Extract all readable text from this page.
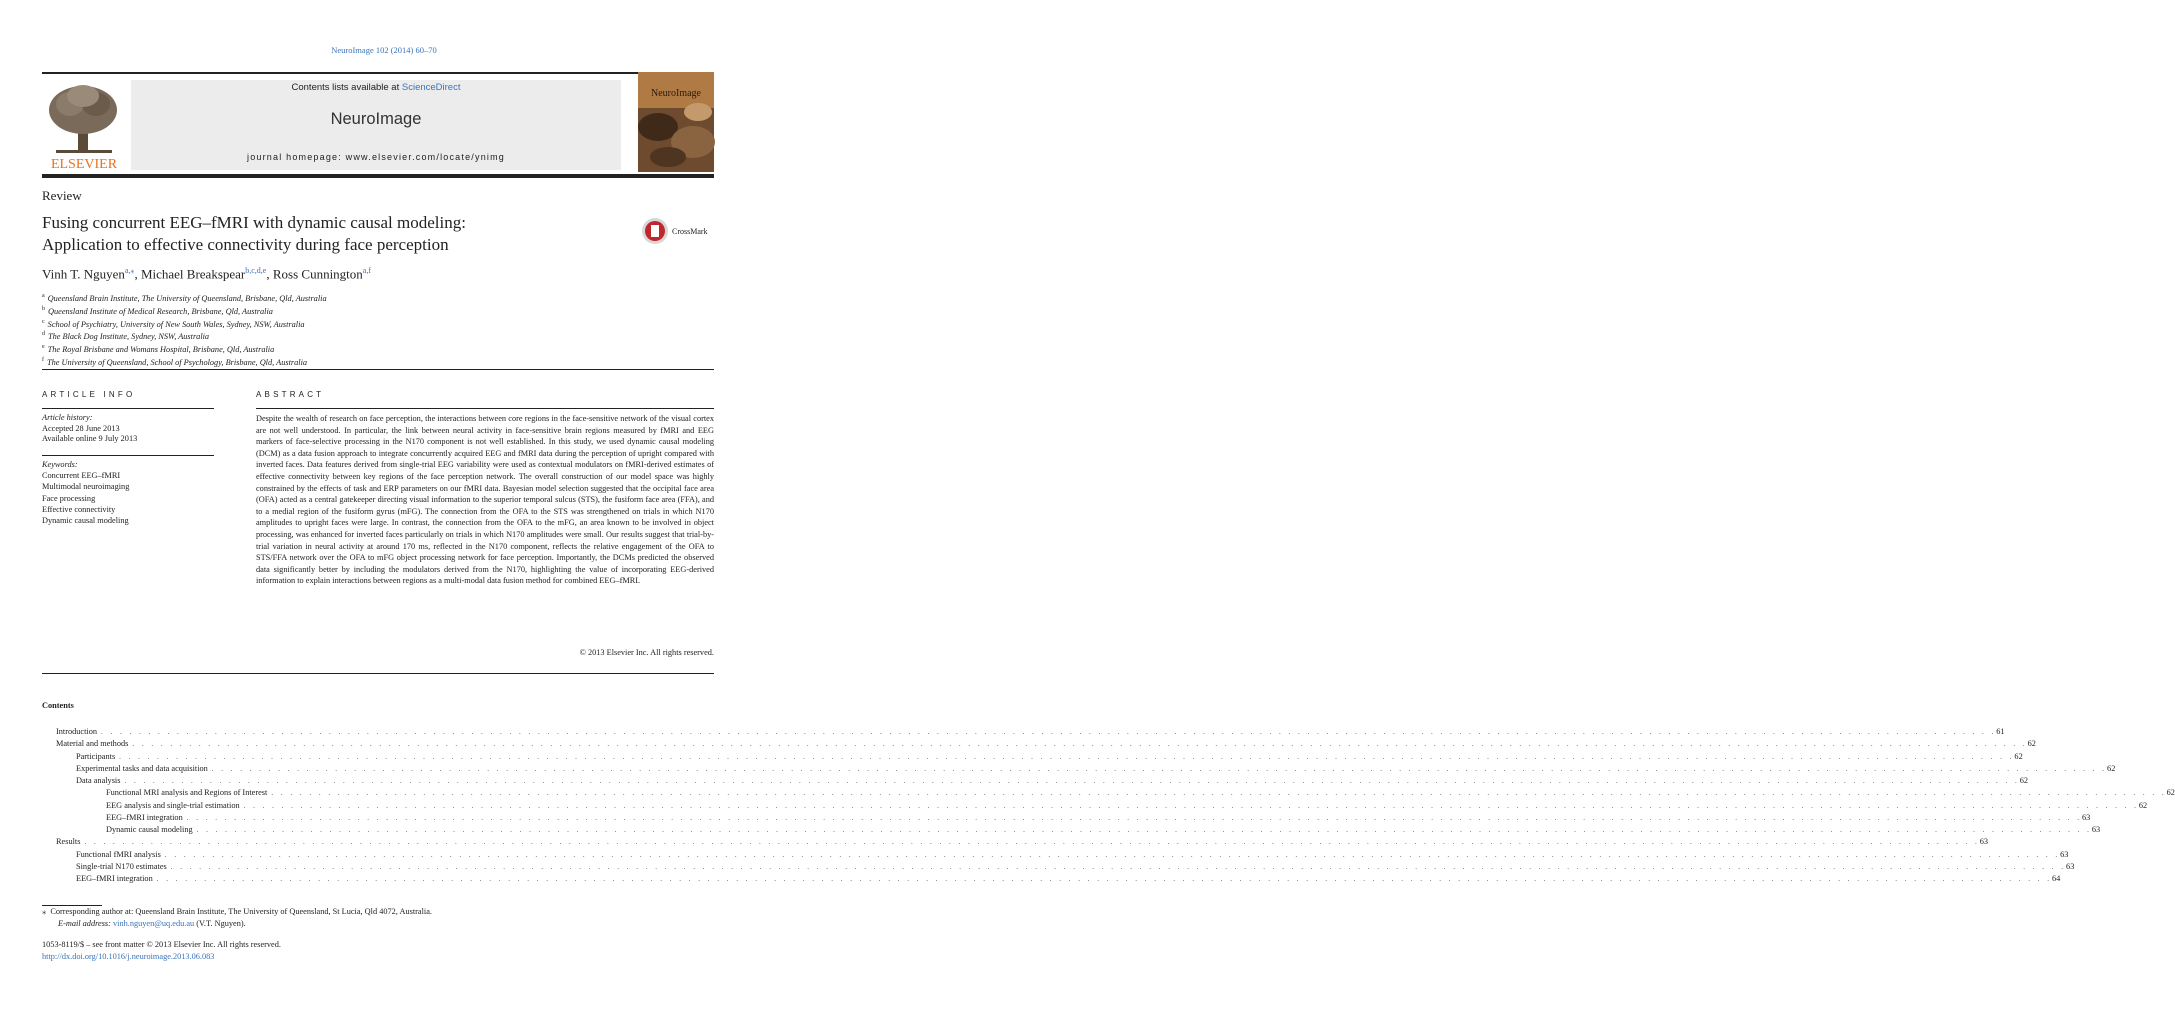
NeuroImage 102 (2014) 60–70
ELSEVIER
Contents lists available at ScienceDirect
NeuroImage
journal homepage: www.elsevier.com/locate/ynimg
NeuroImage
Review
Fusing concurrent EEG–fMRI with dynamic causal modeling:
Application to effective connectivity during face perception
CrossMark
Vinh T. Nguyen$^{a,⁎}$, Michael Breakspear$^{b,c,d,e}$, Ross Cunnington$^{a,f}$
$^a$ Queensland Brain Institute, The University of Queensland, Brisbane, Qld, Australia
$^b$ Queensland Institute of Medical Research, Brisbane, Qld, Australia
$^c$ School of Psychiatry, University of New South Wales, Sydney, NSW, Australia
$^d$ The Black Dog Institute, Sydney, NSW, Australia
$^e$ The Royal Brisbane and Womans Hospital, Brisbane, Qld, Australia
$^f$ The University of Queensland, School of Psychology, Brisbane, Qld, Australia
ARTICLE INFO
Article history:
Accepted 28 June 2013
Available online 9 July 2013
Keywords:
Concurrent EEG–fMRI
Multimodal neuroimaging
Face processing
Effective connectivity
Dynamic causal modeling
ABSTRACT
Despite the wealth of research on face perception, the interactions between core regions in the face-sensitive network of the visual cortex are not well understood. In particular, the link between neural activity in face-sensitive brain regions measured by fMRI and EEG markers of face-selective processing in the N170 component is not well established. In this study, we used dynamic causal modeling (DCM) as a data fusion approach to integrate concurrently acquired EEG and fMRI data during the perception of upright compared with inverted faces. Data features derived from single-trial EEG variability were used as contextual modulators on fMRI-derived estimates of effective connectivity between key regions of the face perception network. The overall construction of our model space was highly constrained by the effects of task and ERP parameters on our fMRI data. Bayesian model selection suggested that the occipital face area (OFA) acted as a central gatekeeper directing visual information to the superior temporal sulcus (STS), the fusiform face area (FFA), and to a medial region of the fusiform gyrus (mFG). The connection from the OFA to the STS was strengthened on trials in which N170 amplitudes to upright faces were large. In contrast, the connection from the OFA to the mFG, an area known to be involved in object processing, was enhanced for inverted faces particularly on trials in which N170 amplitudes were small. Our results suggest that trial-by-trial variation in neural activity at around 170 ms, reflected in the N170 component, reflects the relative engagement of the OFA to STS/FFA network over the OFA to mFG object processing network for face perception. Importantly, the DCMs predicted the observed data significantly better by including the modulators derived from the N170, highlighting the value of incorporating EEG-derived information to explain interactions between regions as a multi-modal data fusion method for combined EEG–fMRI.
© 2013 Elsevier Inc. All rights reserved.
Contents
Introduction . . . . . . . . . . . . . . . . . . . . . . . . . . . . . . . . . . . . . . . . . . . . . . . . . . . . . . . . . . . . . . . . . . . . . . . . . . . . . . . . . . . . . . . . . . . . . . . . . . . . . . . . . . . . . . . . . . . . . . . . . . . . . . . . . . . . . . . . . . . . . . . . . . . . . . . . . . . . . . . . . . . . . . . . . . . . . . . . . . . . . . . . . . . . . . . . . . . . . . . . 61
Material and methods . . . . . . . . . . . . . . . . . . . . . . . . . . . . . . . . . . . . . . . . . . . . . . . . . . . . . . . . . . . . . . . . . . . . . . . . . . . . . . . . . . . . . . . . . . . . . . . . . . . . . . . . . . . . . . . . . . . . . . . . . . . . . . . . . . . . . . . . . . . . . . . . . . . . . . . . . . . . . . . . . . . . . . . . . . . . . . . . . . . . . . . . . . . . . . . . . . . . . . . . 62
Participants . . . . . . . . . . . . . . . . . . . . . . . . . . . . . . . . . . . . . . . . . . . . . . . . . . . . . . . . . . . . . . . . . . . . . . . . . . . . . . . . . . . . . . . . . . . . . . . . . . . . . . . . . . . . . . . . . . . . . . . . . . . . . . . . . . . . . . . . . . . . . . . . . . . . . . . . . . . . . . . . . . . . . . . . . . . . . . . . . . . . . . . . . . . . . . . . . . . . . . . . 62
Experimental tasks and data acquisition . . . . . . . . . . . . . . . . . . . . . . . . . . . . . . . . . . . . . . . . . . . . . . . . . . . . . . . . . . . . . . . . . . . . . . . . . . . . . . . . . . . . . . . . . . . . . . . . . . . . . . . . . . . . . . . . . . . . . . . . . . . . . . . . . . . . . . . . . . . . . . . . . . . . . . . . . . . . . . . . . . . . . . . . . . . . . . . . . . . . . . . . . . . . . . . . . . . . . . . . 62
Data analysis . . . . . . . . . . . . . . . . . . . . . . . . . . . . . . . . . . . . . . . . . . . . . . . . . . . . . . . . . . . . . . . . . . . . . . . . . . . . . . . . . . . . . . . . . . . . . . . . . . . . . . . . . . . . . . . . . . . . . . . . . . . . . . . . . . . . . . . . . . . . . . . . . . . . . . . . . . . . . . . . . . . . . . . . . . . . . . . . . . . . . . . . . . . . . . . . . . . . . . . . 62
Functional MRI analysis and Regions of Interest . . . . . . . . . . . . . . . . . . . . . . . . . . . . . . . . . . . . . . . . . . . . . . . . . . . . . . . . . . . . . . . . . . . . . . . . . . . . . . . . . . . . . . . . . . . . . . . . . . . . . . . . . . . . . . . . . . . . . . . . . . . . . . . . . . . . . . . . . . . . . . . . . . . . . . . . . . . . . . . . . . . . . . . . . . . . . . . . . . . . . . . . . . . . . . . . . . . . . . . . 62
EEG analysis and single-trial estimation . . . . . . . . . . . . . . . . . . . . . . . . . . . . . . . . . . . . . . . . . . . . . . . . . . . . . . . . . . . . . . . . . . . . . . . . . . . . . . . . . . . . . . . . . . . . . . . . . . . . . . . . . . . . . . . . . . . . . . . . . . . . . . . . . . . . . . . . . . . . . . . . . . . . . . . . . . . . . . . . . . . . . . . . . . . . . . . . . . . . . . . . . . . . . . . . . . . . . . . . 62
EEG–fMRI integration . . . . . . . . . . . . . . . . . . . . . . . . . . . . . . . . . . . . . . . . . . . . . . . . . . . . . . . . . . . . . . . . . . . . . . . . . . . . . . . . . . . . . . . . . . . . . . . . . . . . . . . . . . . . . . . . . . . . . . . . . . . . . . . . . . . . . . . . . . . . . . . . . . . . . . . . . . . . . . . . . . . . . . . . . . . . . . . . . . . . . . . . . . . . . . . . . . . . . . . . 63
Dynamic causal modeling . . . . . . . . . . . . . . . . . . . . . . . . . . . . . . . . . . . . . . . . . . . . . . . . . . . . . . . . . . . . . . . . . . . . . . . . . . . . . . . . . . . . . . . . . . . . . . . . . . . . . . . . . . . . . . . . . . . . . . . . . . . . . . . . . . . . . . . . . . . . . . . . . . . . . . . . . . . . . . . . . . . . . . . . . . . . . . . . . . . . . . . . . . . . . . . . . . . . . . . . 63
Results . . . . . . . . . . . . . . . . . . . . . . . . . . . . . . . . . . . . . . . . . . . . . . . . . . . . . . . . . . . . . . . . . . . . . . . . . . . . . . . . . . . . . . . . . . . . . . . . . . . . . . . . . . . . . . . . . . . . . . . . . . . . . . . . . . . . . . . . . . . . . . . . . . . . . . . . . . . . . . . . . . . . . . . . . . . . . . . . . . . . . . . . . . . . . . . . . . . . . . . . 63
Functional fMRI analysis . . . . . . . . . . . . . . . . . . . . . . . . . . . . . . . . . . . . . . . . . . . . . . . . . . . . . . . . . . . . . . . . . . . . . . . . . . . . . . . . . . . . . . . . . . . . . . . . . . . . . . . . . . . . . . . . . . . . . . . . . . . . . . . . . . . . . . . . . . . . . . . . . . . . . . . . . . . . . . . . . . . . . . . . . . . . . . . . . . . . . . . . . . . . . . . . . . . . . . . . 63
Single-trial N170 estimates . . . . . . . . . . . . . . . . . . . . . . . . . . . . . . . . . . . . . . . . . . . . . . . . . . . . . . . . . . . . . . . . . . . . . . . . . . . . . . . . . . . . . . . . . . . . . . . . . . . . . . . . . . . . . . . . . . . . . . . . . . . . . . . . . . . . . . . . . . . . . . . . . . . . . . . . . . . . . . . . . . . . . . . . . . . . . . . . . . . . . . . . . . . . . . . . . . . . . . . . 63
EEG–fMRI integration . . . . . . . . . . . . . . . . . . . . . . . . . . . . . . . . . . . . . . . . . . . . . . . . . . . . . . . . . . . . . . . . . . . . . . . . . . . . . . . . . . . . . . . . . . . . . . . . . . . . . . . . . . . . . . . . . . . . . . . . . . . . . . . . . . . . . . . . . . . . . . . . . . . . . . . . . . . . . . . . . . . . . . . . . . . . . . . . . . . . . . . . . . . . . . . . . . . . . . . . 64
⁎ Corresponding author at: Queensland Brain Institute, The University of Queensland, St Lucia, Qld 4072, Australia.
E-mail address: vinh.nguyen@uq.edu.au (V.T. Nguyen).
1053-8119/$ – see front matter © 2013 Elsevier Inc. All rights reserved.
http://dx.doi.org/10.1016/j.neuroimage.2013.06.083
